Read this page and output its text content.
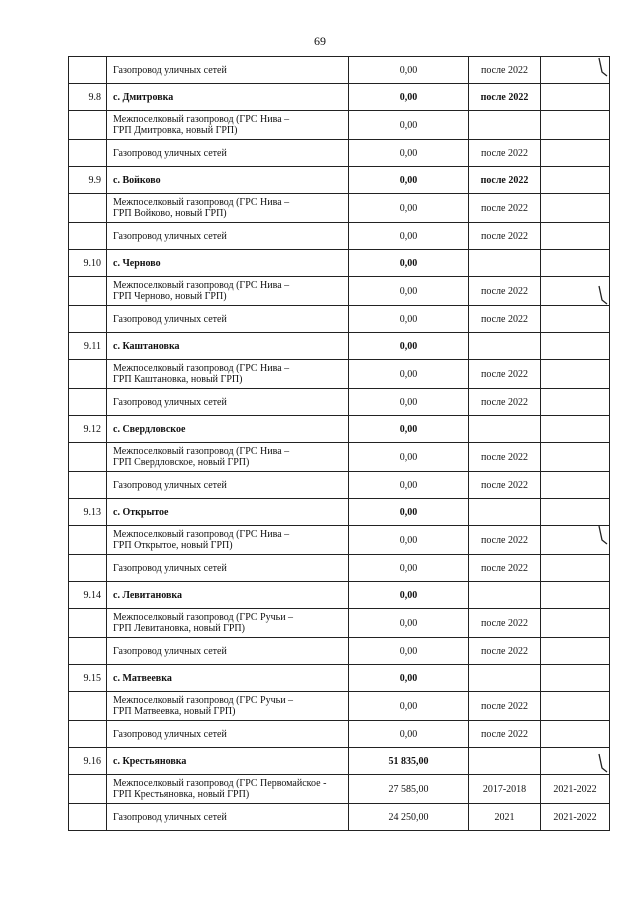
69

	Газопровод уличных сетей	0,00	после 2022	
9.8	с. Дмитровка	0,00	после 2022	

	Межпоселковый газопровод (ГРС Нива –
ГРП Дмитровка, новый ГРП)	0,00		

	Газопровод уличных сетей	0,00	после 2022	
9.9	с. Войково	0,00	после 2022	

	Межпоселковый газопровод (ГРС Нива –
ГРП Войково, новый ГРП)	0,00	после 2022	

	Газопровод уличных сетей	0,00	после 2022	
9.10	с. Черново	0,00		

	Межпоселковый газопровод (ГРС Нива –
ГРП Черново, новый ГРП)	0,00	после 2022	

	Газопровод уличных сетей	0,00	после 2022	
9.11	с. Каштановка	0,00		

	Межпоселковый газопровод (ГРС Нива –
ГРП Каштановка, новый ГРП)	0,00	после 2022	

	Газопровод уличных сетей	0,00	после 2022	
9.12	с. Свердловское	0,00		

	Межпоселковый газопровод (ГРС Нива –
ГРП Свердловское, новый ГРП)	0,00	после 2022	

	Газопровод уличных сетей	0,00	после 2022	
9.13	с. Открытое	0,00		

	Межпоселковый газопровод (ГРС Нива –
ГРП Открытое, новый ГРП)	0,00	после 2022	

	Газопровод уличных сетей	0,00	после 2022	
9.14	с. Левитановка	0,00		

	Межпоселковый газопровод (ГРС Ручьи –
ГРП Левитановка, новый ГРП)	0,00	после 2022	

	Газопровод уличных сетей	0,00	после 2022	
9.15	с. Матвеевка	0,00		

	Межпоселковый газопровод (ГРС Ручьи –
ГРП Матвеевка, новый ГРП)	0,00	после 2022	

	Газопровод уличных сетей	0,00	после 2022	
9.16	с. Крестьяновка	51 835,00		

	Межпоселковый газопровод (ГРС Первомайское -
ГРП Крестьяновка, новый ГРП)	27 585,00	2017-2018	2021-2022

	Газопровод уличных сетей	24 250,00	2021	2021-2022
